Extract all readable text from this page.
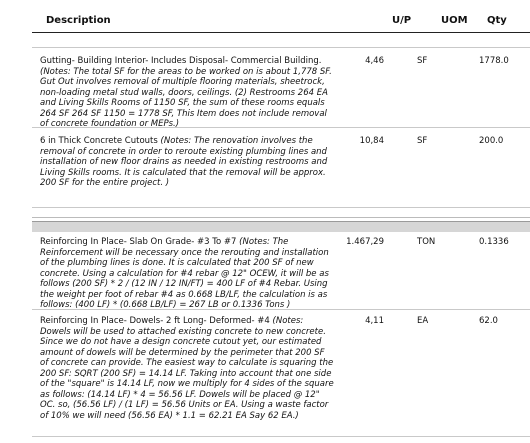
Description	U/P	UOM Qty
Gutting- Building Interior- Includes Disposal- Commercial Building. (Notes: The total SF for the areas to be worked on is about 1,778 SF. Gut Out involves removal of multiple flooring materials, sheetrock, non-loading metal stud walls, doors, ceilings. (2) Restrooms 264 EA and Living Skills Rooms of 1150 SF, the sum of these rooms equals 264 SF 264 SF 1150 = 1778 SF, This Item does not include removal of concrete foundation or MEPs.)
4,46	SF	1778.0
6 in Thick Concrete Cutouts (Notes: The renovation involves the removal of concrete in order to reroute existing plumbing lines and installation of new floor drains as needed in existing restrooms and Living Skills rooms. It is calculated that the removal will be approx. 200 SF for the entire project. )
10,84	SF	200.0
Reinforcing In Place- Slab On Grade- #3 To #7 (Notes: The Reinforcement will be necessary once the rerouting and installation of the plumbing lines is done. It is calculated that 200 SF of new concrete. Using a calculation for #4 rebar @ 12" OCEW, it will be as follows (200 SF) * 2 / (12 IN / 12 IN/FT) = 400 LF of #4 Rebar. Using the weight per foot of rebar #4 as 0.668 LB/LF, the calculation is as follows: (400 LF) * (0.668 LB/LF) = 267 LB or 0.1336 Tons )
1.467,29	TON	0.1336
Reinforcing In Place- Dowels- 2 ft Long- Deformed- #4 (Notes: Dowels will be used to attached existing concrete to new concrete. Since we do not have a design concrete cutout yet, our estimated amount of dowels will be determined by the perimeter that 200 SF of concrete can provide. The easiest way to calculate is squaring the 200 SF: SQRT (200 SF) = 14.14 LF. Taking into account that one side of the "square" is 14.14 LF, now we multiply for 4 sides of the square as follows: (14.14 LF) * 4 = 56.56 LF. Dowels will be placed @ 12" OC. so, (56.56 LF) / (1 LF) = 56.56 Units or EA. Using a waste factor of 10% we will need (56.56 EA) * 1.1 = 62.21 EA Say 62 EA.)
4,11	EA	62.0
